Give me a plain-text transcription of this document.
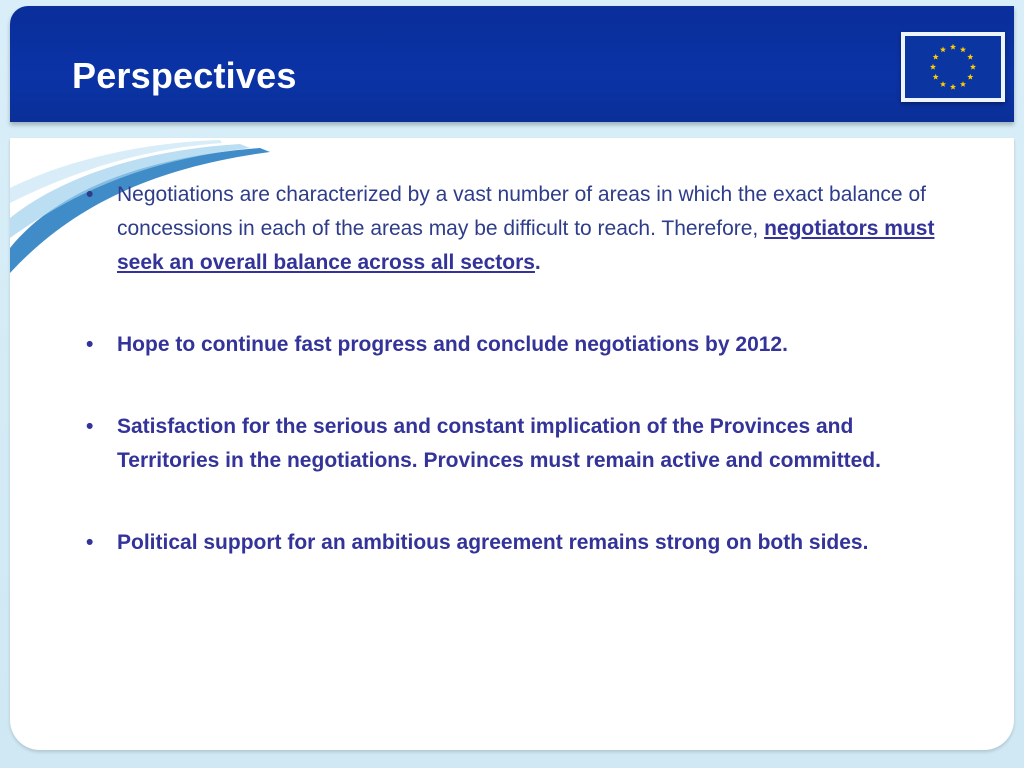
Perspectives
• Negotiations are characterized by a vast number of areas in which the exact balance of concessions in each of the areas may be difficult to reach. Therefore, negotiators must seek an overall balance across all sectors.
• Hope to continue fast progress and conclude negotiations by 2012.
• Satisfaction for the serious and constant implication of the Provinces and Territories in the negotiations. Provinces must remain active and committed.
• Political support for an ambitious agreement remains strong on both sides.
